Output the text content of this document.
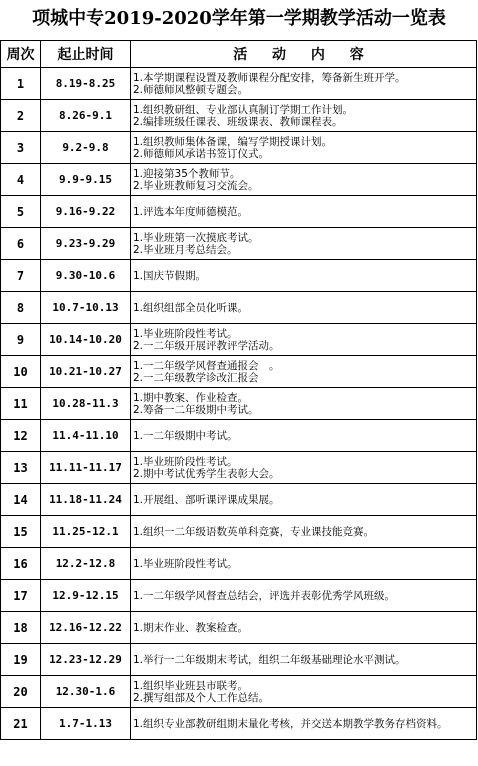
项城中专2019-2020学年第一学期教学活动一览表
周次	起止时间	活 动 内 容
1	8.19-8.25	1.本学期课程设置及教师课程分配安排，筹备新生班开学。
2.师德师风整顿专题会。

2	8.26-9.1	1.组织教研组、专业部认真制订学期工作计划。
2.编排班级任课表、班级课表、教师课程表。

3	9.2-9.8	1.组织教师集体备课，编写学期授课计划。
2.师德师风承诺书签订仪式。

4	9.9-9.15	1.迎接第35个教师节。
2.毕业班教师复习交流会。

5	9.16-9.22	1.评选本年度师德模范。

6	9.23-9.29	1.毕业班第一次摸底考试。
2.毕业班月考总结会。

7	9.30-10.6	1.国庆节假期。

8	10.7-10.13	1.组织组部全员化听课。

9	10.14-10.20	1.毕业班阶段性考试。
2.一二年级开展评教评学活动。

10	10.21-10.27	1.一二年级学风督查通报会　。
2.一二年级教学诊改汇报会

11	10.28-11.3	1.期中教案、作业检查。
2.筹备一二年级期中考试。

12	11.4-11.10	1.一二年级期中考试。

13	11.11-11.17	1.毕业班阶段性考试。
2.期中考试优秀学生表彰大会。

14	11.18-11.24	1.开展组、部听课评课成果展。

15	11.25-12.1	1.组织一二年级语数英单科竞赛，专业课技能竞赛。

16	12.2-12.8	1.毕业班阶段性考试。

17	12.9-12.15	1.一二年级学风督查总结会，评选并表彰优秀学风班级。

18	12.16-12.22	1.期末作业、教案检查。

19	12.23-12.29	1.举行一二年级期末考试，组织二年级基础理论水平测试。

20	12.30-1.6	1.组织毕业班县市联考。
2.撰写组部及个人工作总结。

21	1.7-1.13	1.组织专业部教研组期末量化考核，并交送本期教学教务存档资料。
